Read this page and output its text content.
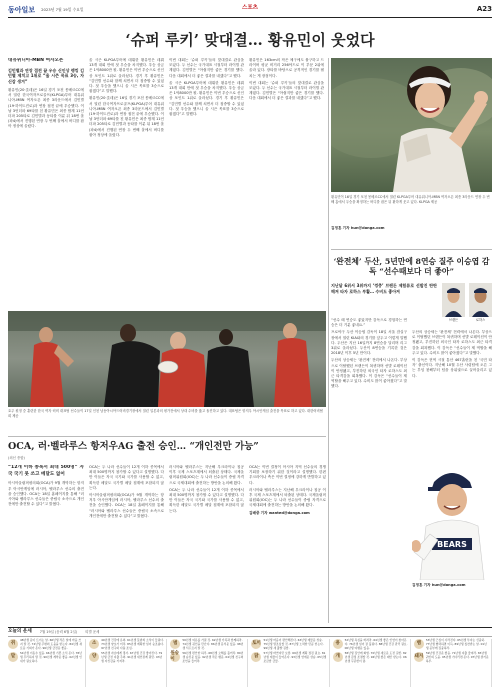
동아일보 2023년 7월 19일 수요일	스포츠	A23
‘슈퍼 루키’ 맞대결… 황유민이 웃었다
대유위니아-MBN 여자오픈
김민별과 연장 접전 끝 우승 신인상 랭킹 김민별 제치고 1위로 “올 시즌 목표 3승, 자신감 생겨”

황유민(20·롯데)은 16일 경기 포천 몽베르CC에서 열린 한국여자프로골프(KLPGA)투어 대유위니아-MBN 여자오픈 최종 3라운드에서 김민별(19·하이트진로)과 연장 접전 끝에 우승했다. 이날 3언더파 69타를 친 황유민은 최종 합계 11언더파 205타로 김민별과 동타를 이룬 뒤 18번 홀(파4)에서 진행된 연장 두 번째 홀에서 버디를 잡아 정상에 올랐다.

올 시즌 KLPGA투어에 데뷔한 황유민은 데뷔 13개 대회 만에 첫 우승을 차지했다. 우승 상금은 1억8000만 원. 황유민은 이번 우승으로 신인상 포인트 1위로 올라섰다. 경기 후 황유민은 “김민별 선수와 함께 치면서 더 집중할 수 있었다. 첫 우승을 했으니 올 시즌 목표를 3승으로 잡겠다”고 말했다.

황유민(20·롯데)은 16일 경기 포천 몽베르CC에서 열린 한국여자프로골프(KLPGA)투어 대유위니아-MBN 여자오픈 최종 3라운드에서 김민별(19·하이트진로)과 연장 접전 끝에 우승했다. 이날 3언더파 69타를 친 황유민은 최종 합계 11언더파 205타로 김민별과 동타를 이룬 뒤 18번 홀(파4)에서 진행된 연장 두 번째 홀에서 버디를 잡아 정상에 올랐다.

이번 대회는 ‘슈퍼 루키’들의 맞대결로 관심을 모았다. 두 선수는 국가대표 시절부터 라이벌 관계였다. 김민별은 “아쉽지만 좋은 경기를 했다. 다음 대회에서 더 좋은 결과를 내겠다”고 했다.

올 시즌 KLPGA투어에 데뷔한 황유민은 데뷔 13개 대회 만에 첫 우승을 차지했다. 우승 상금은 1억8000만 원. 황유민은 이번 우승으로 신인상 포인트 1위로 올라섰다. 경기 후 황유민은 “김민별 선수와 함께 치면서 더 집중할 수 있었다. 첫 우승을 했으니 올 시즌 목표를 3승으로 잡겠다”고 말했다.

황유민은 163cm의 작은 체구에도 불구하고 드라이버 평균 비거리 256야드로 이 부문 2위에 올라 있다. 장타를 바탕으로 공격적인 경기를 펼치는 게 장점이다.

이번 대회는 ‘슈퍼 루키’들의 맞대결로 관심을 모았다. 두 선수는 국가대표 시절부터 라이벌 관계였다. 김민별은 “아쉽지만 좋은 경기를 했다. 다음 대회에서 더 좋은 결과를 내겠다”고 했다.

황유민이 16일 경기 포천 몽베르CC에서 열린 KLPGA투어 대유위니아-MBN 여자오픈 최종 3라운드 연장 두 번째 홀에서 우승을 확정하는 버디를 잡은 뒤 환하게 웃고 있다. KLPGA 제공
김정훈 기자 hun@donga.com
‘완전체’ 두산, 5년만에 8연승 질주 이승엽 감독 “선수때보다 더 좋아”
지난달 6위서 3위까지 ‘껑충’ 브랜든 제합류로 선발진 탄탄해져 타자 로하스 부활… 수비도 좋아져
브랜든	로하스

“선수 때 연승도 좋았지만 감독으로 경험하는 연승은 더 기분 좋네요.”

프로야구 두산 이승엽 감독이 18일 서울 잠실구장에서 열린 KIA와의 경기를 앞두고 이렇게 말했다. 두산은 지난 16일까지 8연승을 달리며 리그 3위로 올라섰다. 두산이 8연승을 기록한 것은 2018년 이후 5년 만이다.

두산의 상승세는 ‘완전체’ 전력에서 나온다. 부상으로 이탈했던 브랜든이 복귀하며 선발 로테이션이 안정됐고, 부진하던 외국인 타자 로하스도 최근 타격감을 회복했다. 이 감독은 “선수들이 제 역할을 해주고 있다. 수비도 많이 좋아졌다”고 말했다.

두산의 상승세는 ‘완전체’ 전력에서 나온다. 부상으로 이탈했던 브랜든이 복귀하며 선발 로테이션이 안정됐고, 부진하던 외국인 타자 로하스도 최근 타격감을 회복했다. 이 감독은 “선수들이 제 역할을 해주고 있다. 수비도 많이 좋아졌다”고 말했다.

이 감독은 현역 시절 통산 467홈런을 친 ‘국민 타자’ 출신이다. 지난해 10월 두산 사령탑에 오른 그는 부임 첫해부터 팀을 상위권으로 끌어올리고 있다.

BEARS
김정훈 기자 hun@donga.com
호주 원정 중 훈련한 한국 여자 럭비 대표팀 선수들이 17일 인천 남동아시아드럭비경기장에서 열린 일본과의 평가전에서 상대 수비를 뚫고 돌진하고 있다. 대표팀은 항저우 아시안게임 출전을 목표로 하고 있다. 대한럭비협회 제공
OCA, 러·벨라루스 항저우AG 출전 승인… “개인전만 가능”
(외신 종합)
“12개 이하 종목서 최대 500명” 자국 국기 못 쓰고 메달도 없어

아시아올림픽평의회(OCA)가 9월 개막하는 항저우 아시안게임에 러시아, 벨라루스 선수의 출전을 승인했다. OCA는 18일 홈페이지를 통해 “러시아와 벨라루스 선수들은 중립국 소속으로 개인전에만 출전할 수 있다”고 밝혔다.

OCA는 두 나라 선수들이 12개 이하 종목에서 최대 500명까지 참가할 수 있다고 설명했다. 다만 이들은 자국 국기와 국가를 사용할 수 없고, 획득한 메달도 국가별 메달 집계에 포함되지 않는다.

아시아올림픽평의회(OCA)가 9월 개막하는 항저우 아시안게임에 러시아, 벨라루스 선수의 출전을 승인했다. OCA는 18일 홈페이지를 통해 “러시아와 벨라루스 선수들은 중립국 소속으로 개인전에만 출전할 수 있다”고 밝혔다.

러시아와 벨라루스는 지난해 우크라이나 침공 이후 국제 스포츠계에서 퇴출된 상태다. 국제올림픽위원회(IOC)는 두 나라 선수들이 중립 자격으로 국제대회에 출전하는 방안을 논의해 왔다.

OCA는 두 나라 선수들이 12개 이하 종목에서 최대 500명까지 참가할 수 있다고 설명했다. 다만 이들은 자국 국기와 국가를 사용할 수 없고, 획득한 메달도 국가별 메달 집계에 포함되지 않는다.

OCA는 이번 결정이 아시아 지역 선수들의 경쟁 기회를 보장하기 위한 것이라고 설명했다. 한편 우크라이나 측은 이번 결정에 강하게 반발하고 있다.

러시아와 벨라루스는 지난해 우크라이나 침공 이후 국제 스포츠계에서 퇴출된 상태다. 국제올림픽위원회(IOC)는 두 나라 선수들이 중립 자격으로 국제대회에 출전하는 방안을 논의해 왔다.

김배중 기자 wanted@donga.com

오늘의 운세 7월 19일 (음력 6월 2일) 띠별 운세
쥐
48년생 운이 트이는 날. 60년생 작은 일에 마음 쓰지 말 것. 72년생 주변의 도움을 받는다. 84년생 새로운 기회가 온다. 96년생 금전운 좋음.
말
54년생 이동수 있음. 66년생 기쁜 소식 온다. 78년생 무리하지 말 것. 90년생 계약운 좋음. 02년생 인내가 필요하다.
소
49년생 건강에 유의. 61년생 뜻밖의 소식이 들린다. 73년생 양보가 미덕. 85년생 계획한 일이 순조롭다. 97년생 친구와 다툼 조심.
양
55년생 자손에게 경사. 67년생 건강 좋아진다. 79년생 금전 지출 주의. 91년생 대인관계 원만. 03년생 자신감을 가져라.
범
50년생 여유를 가질 것. 62년생 가족과 함께하라. 74년생 귀인을 만난다. 86년생 문서운 있음. 98년생 서두르지 말 것.
원숭이
56년생 편안한 하루. 68년생 오해를 풀어라. 80년생 승진운 있음. 92년생 작은 행운. 04년생 친구의 조언을 들어라.
토끼
51년생 마음이 편안해진다. 63년생 재물운 상승. 75년생 말조심할 것. 87년생 노력한 만큼 얻는다. 99년생 새 출발 길함.
닭
57년생 바쁘지만 보람. 69년생 계획 점검 필요. 81년생 재물이 들어온다. 93년생 연애운 상승. 05년생 조급함 금물.
용
52년생 욕심을 버려라. 64년생 좋은 인연이 찾아온다. 76년생 일이 잘 풀린다. 88년생 건강 관리 필요. 00년생 여행운 있음.
개
58년생 집안에 화합. 70년생 새로운 도전 길함. 82년생 감정 조절할 것. 94년생 좋은 제안 받는다. 06년생 꾸준함이 답.
뱀
53년생 근심이 사라진다. 65년생 투자는 신중히. 77년생 협력하면 이득. 89년생 칭찬받는 날. 01년생 공부에 집중하라.
돼지
59년생 건강운 좋음. 71년생 지출 줄여라. 83년생 귀인의 도움. 95년생 기다리면 온다. 07년생 즐거운 하루.
